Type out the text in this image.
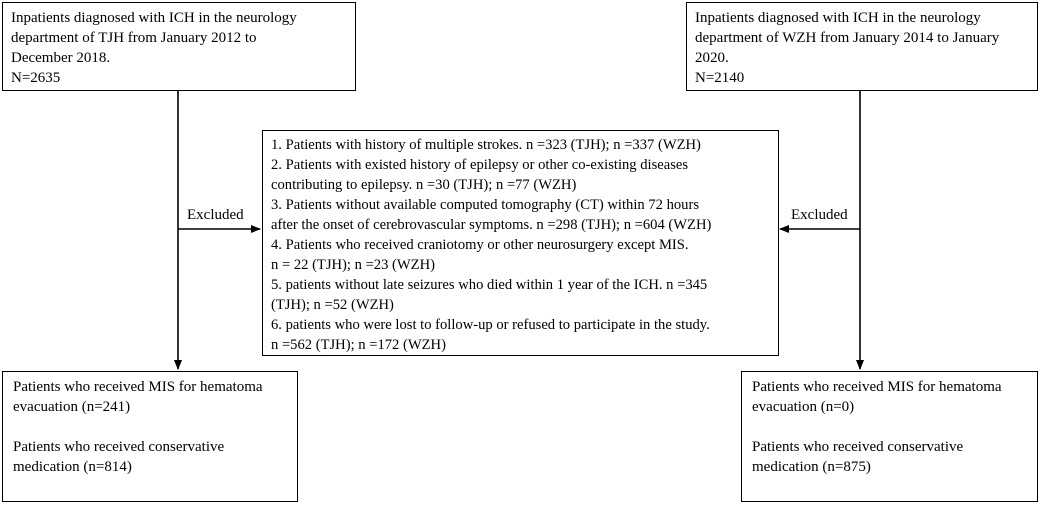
Inpatients diagnosed with ICH in the neurology
department of TJH from January 2012 to
December 2018.
N=2635
Inpatients diagnosed with ICH in the neurology
department of WZH from January 2014 to January
2020.
N=2140
1. Patients with history of multiple strokes. n =323 (TJH); n =337 (WZH)
2. Patients with existed history of epilepsy or other co-existing diseases
contributing to epilepsy. n =30 (TJH); n =77 (WZH)
3. Patients without available computed tomography (CT) within 72 hours
after the onset of cerebrovascular symptoms. n =298 (TJH); n =604 (WZH)
4. Patients who received craniotomy or other neurosurgery except MIS.
n = 22 (TJH); n =23 (WZH)
5. patients without late seizures who died within 1 year of the ICH. n =345
(TJH); n =52 (WZH)
6. patients who were lost to follow-up or refused to participate in the study.
n =562 (TJH); n =172 (WZH)
Excluded	Excluded
Patients who received MIS for hematoma
evacuation (n=241)
Patients who received conservative
medication (n=814)
Patients who received MIS for hematoma
evacuation (n=0)
Patients who received conservative
medication (n=875)
